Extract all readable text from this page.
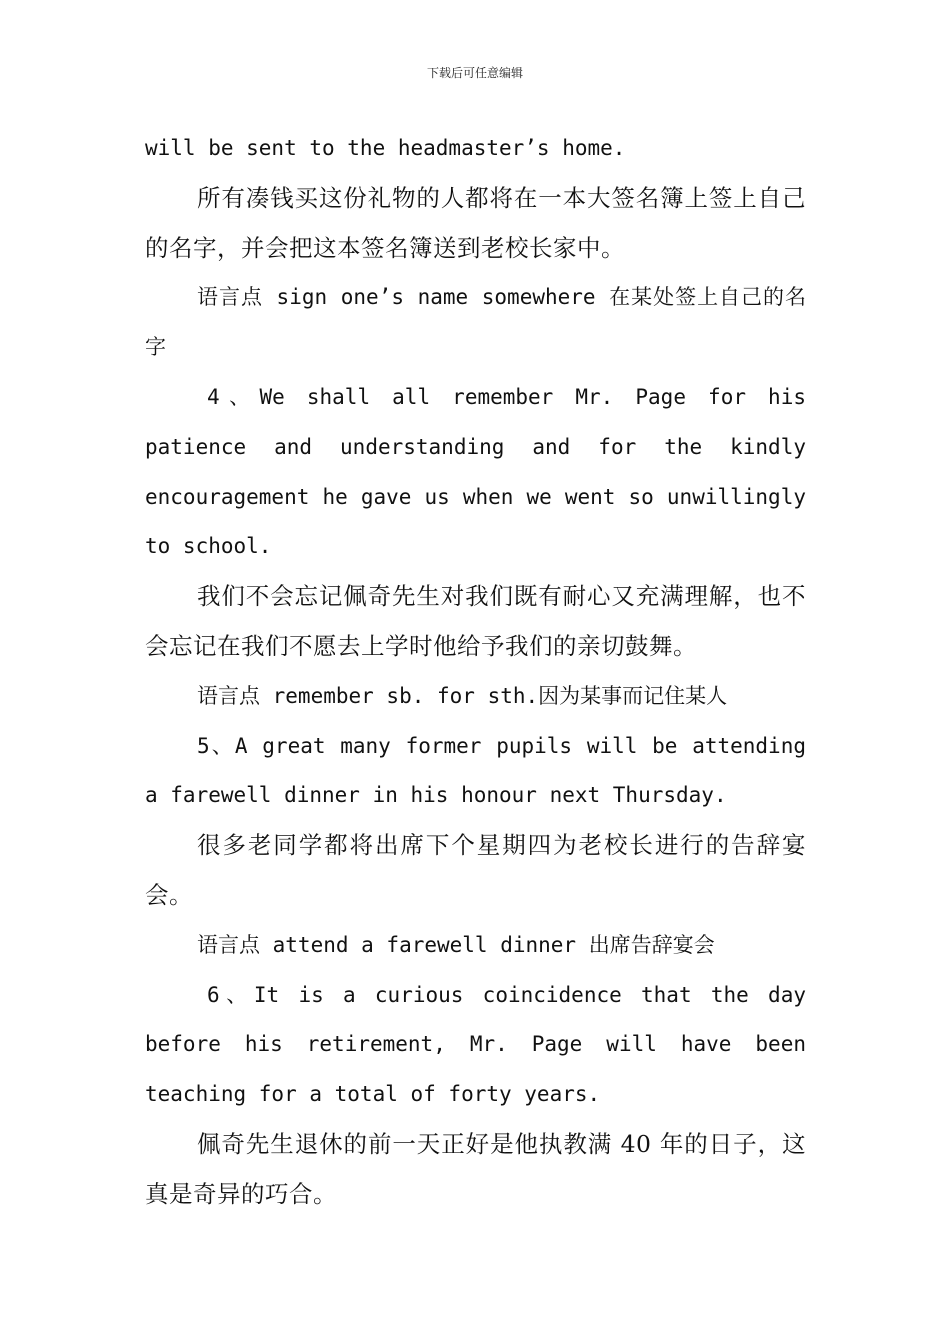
下载后可任意编辑

will be sent to the headmaster’s home.

所有凑钱买这份礼物的人都将在一本大签名簿上签上自己的名字，并会把这本签名簿送到老校长家中。

语言点 sign one’s name somewhere 在某处签上自己的名字

4、We shall all remember Mr. Page for his patience and understanding and for the kindly encouragement he gave us when we went so unwillingly to school.

我们不会忘记佩奇先生对我们既有耐心又充满理解，也不会忘记在我们不愿去上学时他给予我们的亲切鼓舞。

语言点 remember sb. for sth.因为某事而记住某人

5、A great many former pupils will be attending a farewell dinner in his honour next Thursday.

很多老同学都将出席下个星期四为老校长进行的告辞宴会。

语言点 attend a farewell dinner 出席告辞宴会

6、It is a curious coincidence that the day before his retirement, Mr. Page will have been teaching for a total of forty years.

佩奇先生退休的前一天正好是他执教满 40 年的日子，这真是奇异的巧合。
